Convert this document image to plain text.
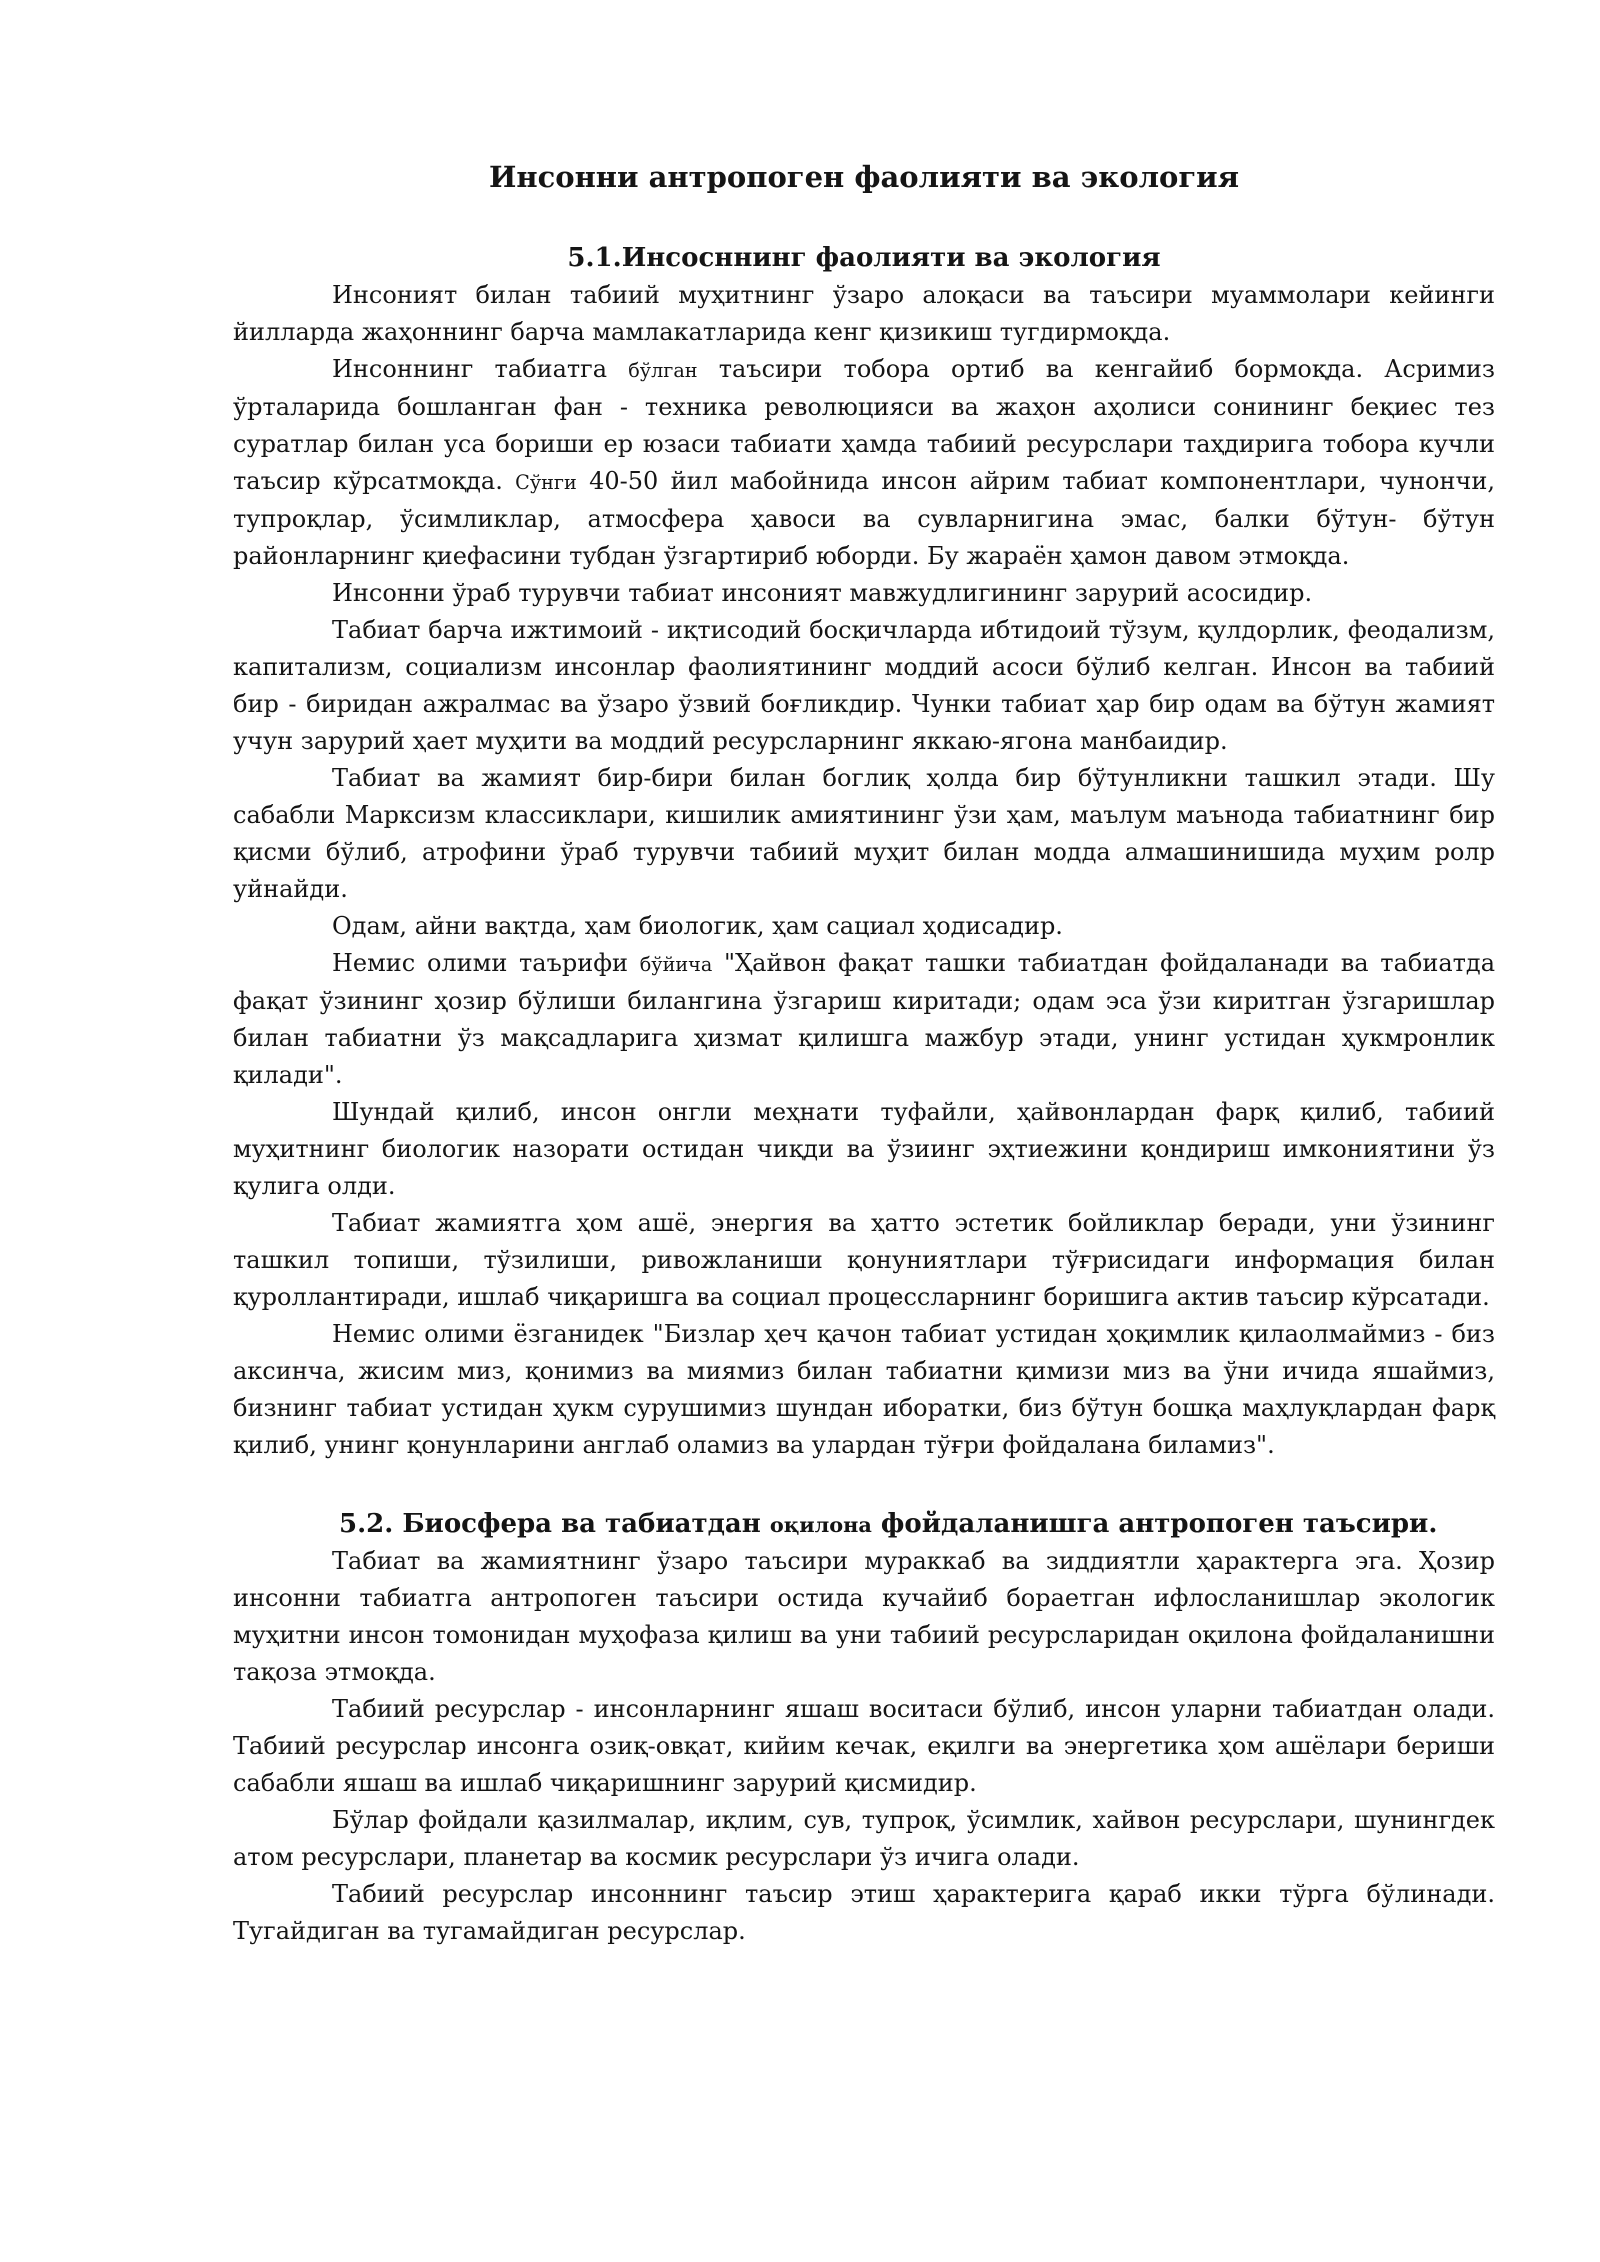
Инсонни антропоген фаолияти ва экология
5.1.Инсосннинг фаолияти ва экология

Инсоният билан табиий муҳитнинг ўзаро алоқаси ва таъсири муаммолари кейинги йилларда жаҳоннинг барча мамлакатларида кенг қизикиш тугдирмоқда.

Инсоннинг табиатга бўлган таъсири тобора ортиб ва кенгайиб бормоқда. Асримиз ўрталарида бошланган фан - техника революцияси ва жаҳон аҳолиси сонининг беқиес тез суратлар билан уса бориши ер юзаси табиати ҳамда табиий ресурслари таҳдирига тобора кучли таъсир кўрсатмоқда. Сўнги 40-50 йил мабойнида инсон айрим табиат компонентлари, чунончи, тупроқлар, ўсимликлар, атмосфера ҳавоси ва сувларнигина эмас, балки бўтун- бўтун районларнинг қиефасини тубдан ўзгартириб юборди. Бу жараён ҳамон давом этмоқда.

Инсонни ўраб турувчи табиат инсоният мавжудлигининг зарурий асосидир.

Табиат барча ижтимоий - иқтисодий босқичларда ибтидоий тўзум, қулдорлик, феодализм, капитализм, социализм инсонлар фаолиятининг моддий асоси бўлиб келган. Инсон ва табиий бир - биридан ажралмас ва ўзаро ўзвий боғликдир. Чунки табиат ҳар бир одам ва бўтун жамият учун зарурий ҳает муҳити ва моддий ресурсларнинг яккаю-ягона манбаидир.

Табиат ва жамият бир-бири билан боглиқ ҳолда бир бўтунликни ташкил этади. Шу сабабли Марксизм классиклари, кишилик амиятининг ўзи ҳам, маълум маънода табиатнинг бир қисми бўлиб, атрофини ўраб турувчи табиий муҳит билан модда алмашинишида муҳим ролр уйнайди.

Одам, айни вақтда, ҳам биологик, ҳам сациал ҳодисадир.

Немис олими таърифи бўйича "Ҳайвон фақат ташки табиатдан фойдаланади ва табиатда фақат ўзининг ҳозир бўлиши билангина ўзгариш киритади; одам эса ўзи киритган ўзгаришлар билан табиатни ўз мақсадларига ҳизмат қилишга мажбур этади, унинг устидан ҳукмронлик қилади".

Шундай қилиб, инсон онгли меҳнати туфайли, ҳайвонлардан фарқ қилиб, табиий муҳитнинг биологик назорати остидан чиқди ва ўзиинг эҳтиежини қондириш имкониятини ўз қулига олди.

Табиат жамиятга ҳом ашё, энергия ва ҳатто эстетик бойликлар беради, уни ўзининг ташкил топиши, тўзилиши, ривожланиши қонуниятлари тўғрисидаги информация билан қуроллантиради, ишлаб чиқаришга ва социал процессларнинг боришига актив таъсир кўрсатади.

Немис олими ёзганидек "Бизлар ҳеч қачон табиат устидан ҳоқимлик қилаолмаймиз - биз аксинча, жисим миз, қонимиз ва миямиз билан табиатни қимизи миз ва ўни ичида яшаймиз, бизнинг табиат устидан ҳукм сурушимиз шундан иборатки, биз бўтун бошқа маҳлуқлардан фарқ қилиб, унинг қонунларини англаб оламиз ва улардан тўғри фойдалана биламиз".

5.2. Биосфера ва табиатдан оқилона фойдаланишга антропоген таъсири.

Табиат ва жамиятнинг ўзаро таъсири мураккаб ва зиддиятли ҳарактерга эга. Ҳозир инсонни табиатга антропоген таъсири остида кучайиб бораетган ифлосланишлар экологик муҳитни инсон томонидан муҳофаза қилиш ва уни табиий ресурсларидан оқилона фойдаланишни тақоза этмоқда.

Табиий ресурслар - инсонларнинг яшаш воситаси бўлиб, инсон уларни табиатдан олади. Табиий ресурслар инсонга озиқ-овқат, кийим кечак, еқилги ва энергетика ҳом ашёлари бериши сабабли яшаш ва ишлаб чиқаришнинг зарурий қисмидир.

Бўлар фойдали қазилмалар, иқлим, сув, тупроқ, ўсимлик, хайвон ресурслари, шунингдек атом ресурслари, планетар ва космик ресурслари ўз ичига олади.

Табиий ресурслар инсоннинг таъсир этиш ҳарактерига қараб икки тўрга бўлинади. Тугайдиган ва тугамайдиган ресурслар.
